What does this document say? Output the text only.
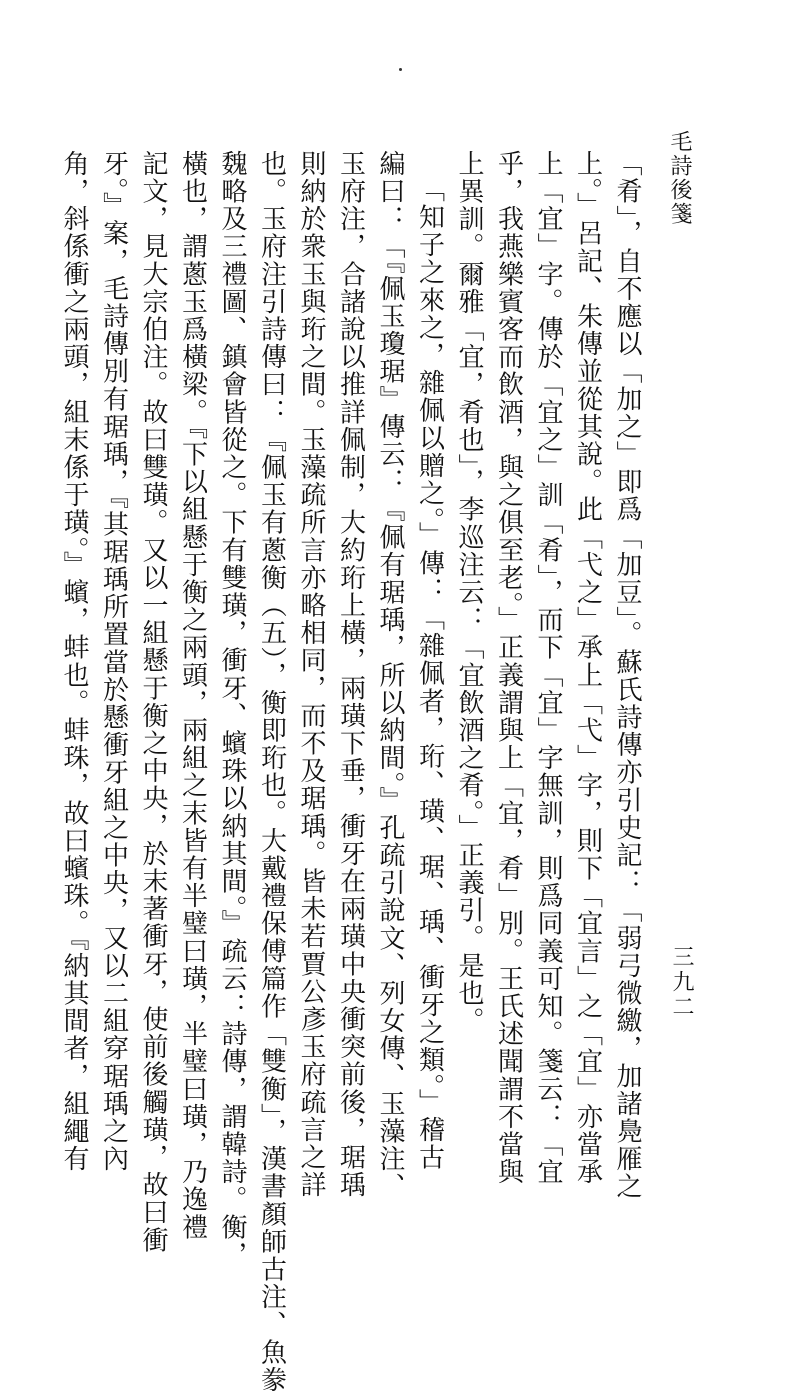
毛詩後箋
三九二

「肴」，自不應以「加之」即爲「加豆」。蘇氏詩傳亦引史記：「弱弓微繳，加諸鳧雁之

上。」呂記、朱傳並從其說。此「弋之」承上「弋」字，則下「宜言」之「宜」亦當承

上「宜」字。傳於「宜之」訓「肴」，而下「宜」字無訓，則爲同義可知。箋云：「宜

乎，我燕樂賓客而飲酒，與之俱至老。」正義謂與上「宜，肴」別。王氏述聞謂不當與

上異訓。爾雅「宜，肴也」，李巡注云：「宜飲酒之肴。」正義引。是也。

「知子之來之，雜佩以贈之。」傳：「雜佩者，珩、璜、琚、瑀、衝牙之類。」稽古

編曰：「『佩玉瓊琚』傳云：『佩有琚瑀，所以納間。』孔疏引說文、列女傳、玉藻注、

玉府注，合諸說以推詳佩制，大約珩上橫，兩璜下垂，衝牙在兩璜中央衝突前後，琚瑀

則納於衆玉與珩之間。玉藻疏所言亦略相同，而不及琚瑀。皆未若賈公彥玉府疏言之詳

也。玉府注引詩傳曰：『佩玉有蔥衡（五），衡即珩也。大戴禮保傅篇作「雙衡」，漢書顏師古注、魚豢

魏略及三禮圖、鎮會皆從之。下有雙璜，衝牙、蠙珠以納其間。』疏云：詩傳，謂韓詩。衡，

橫也，謂蔥玉爲橫梁。『下以組懸于衡之兩頭，兩組之末皆有半璧曰璜，半璧曰璜，乃逸禮

記文，見大宗伯注。故曰雙璜。又以一組懸于衡之中央，於末著衝牙，使前後觸璜，故曰衝

牙。』案，毛詩傳別有琚瑀，『其琚瑀所置當於懸衝牙組之中央，又以二組穿琚瑀之內

角，斜係衝之兩頭，組末係于璜。』蠙，蚌也。蚌珠，故曰蠙珠。『納其間者，組繩有
